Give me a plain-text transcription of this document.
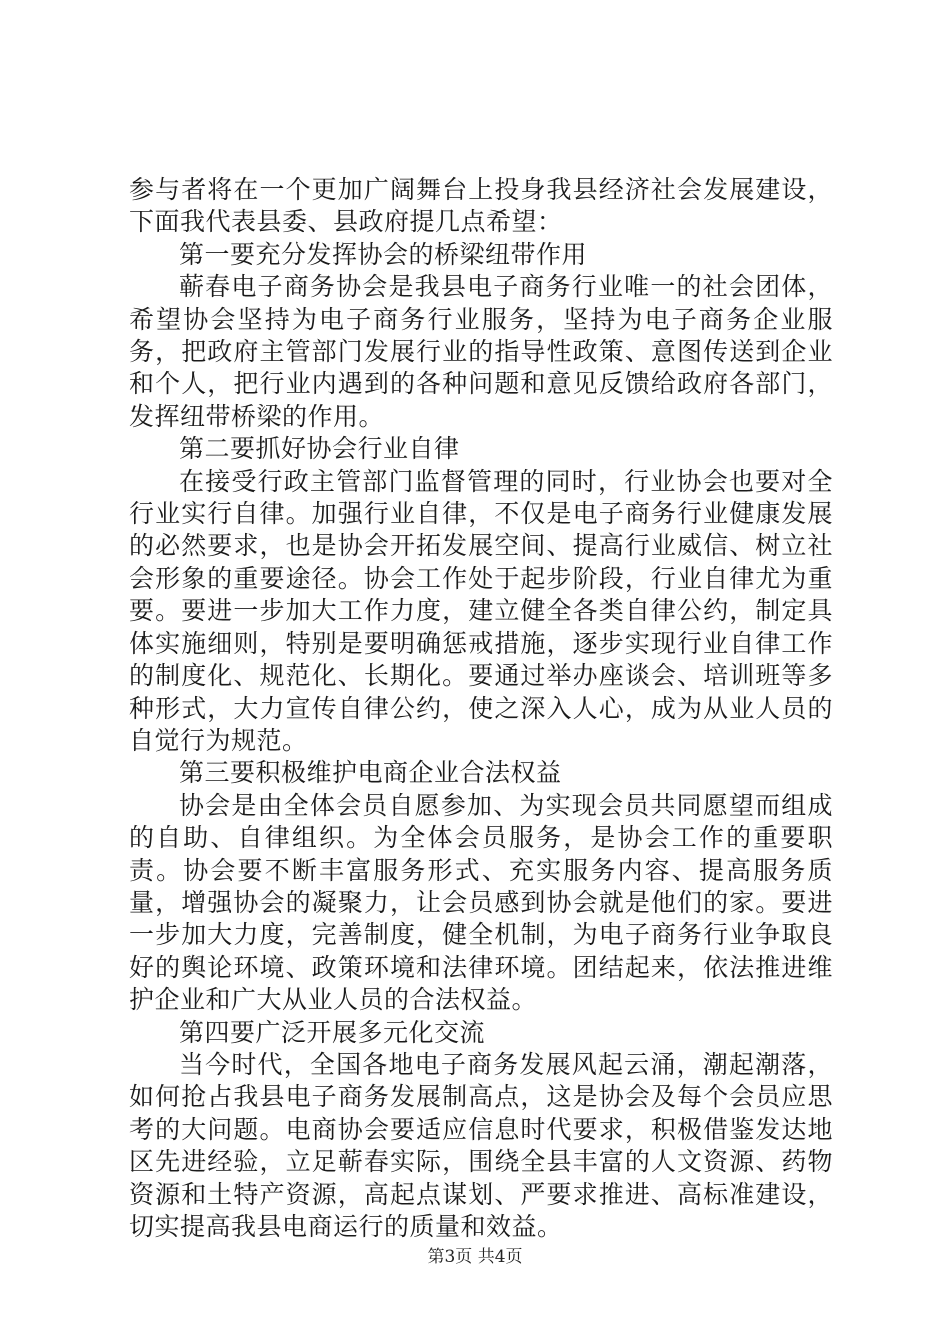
参与者将在一个更加广阔舞台上投身我县经济社会发展建设，下面我代表县委、县政府提几点希望：

第一要充分发挥协会的桥梁纽带作用

蕲春电子商务协会是我县电子商务行业唯一的社会团体，希望协会坚持为电子商务行业服务，坚持为电子商务企业服务，把政府主管部门发展行业的指导性政策、意图传送到企业和个人，把行业内遇到的各种问题和意见反馈给政府各部门，发挥纽带桥梁的作用。

第二要抓好协会行业自律

在接受行政主管部门监督管理的同时，行业协会也要对全行业实行自律。加强行业自律，不仅是电子商务行业健康发展的必然要求，也是协会开拓发展空间、提高行业威信、树立社会形象的重要途径。协会工作处于起步阶段，行业自律尤为重要。要进一步加大工作力度，建立健全各类自律公约，制定具体实施细则，特别是要明确惩戒措施，逐步实现行业自律工作的制度化、规范化、长期化。要通过举办座谈会、培训班等多种形式，大力宣传自律公约，使之深入人心，成为从业人员的自觉行为规范。

第三要积极维护电商企业合法权益

协会是由全体会员自愿参加、为实现会员共同愿望而组成的自助、自律组织。为全体会员服务，是协会工作的重要职责。协会要不断丰富服务形式、充实服务内容、提高服务质量，增强协会的凝聚力，让会员感到协会就是他们的家。要进一步加大力度，完善制度，健全机制，为电子商务行业争取良好的舆论环境、政策环境和法律环境。团结起来，依法推进维护企业和广大从业人员的合法权益。

第四要广泛开展多元化交流

当今时代，全国各地电子商务发展风起云涌，潮起潮落，如何抢占我县电子商务发展制高点，这是协会及每个会员应思考的大问题。电商协会要适应信息时代要求，积极借鉴发达地区先进经验，立足蕲春实际，围绕全县丰富的人文资源、药物资源和土特产资源，高起点谋划、严要求推进、高标准建设，切实提高我县电商运行的质量和效益。

第3页 共4页
